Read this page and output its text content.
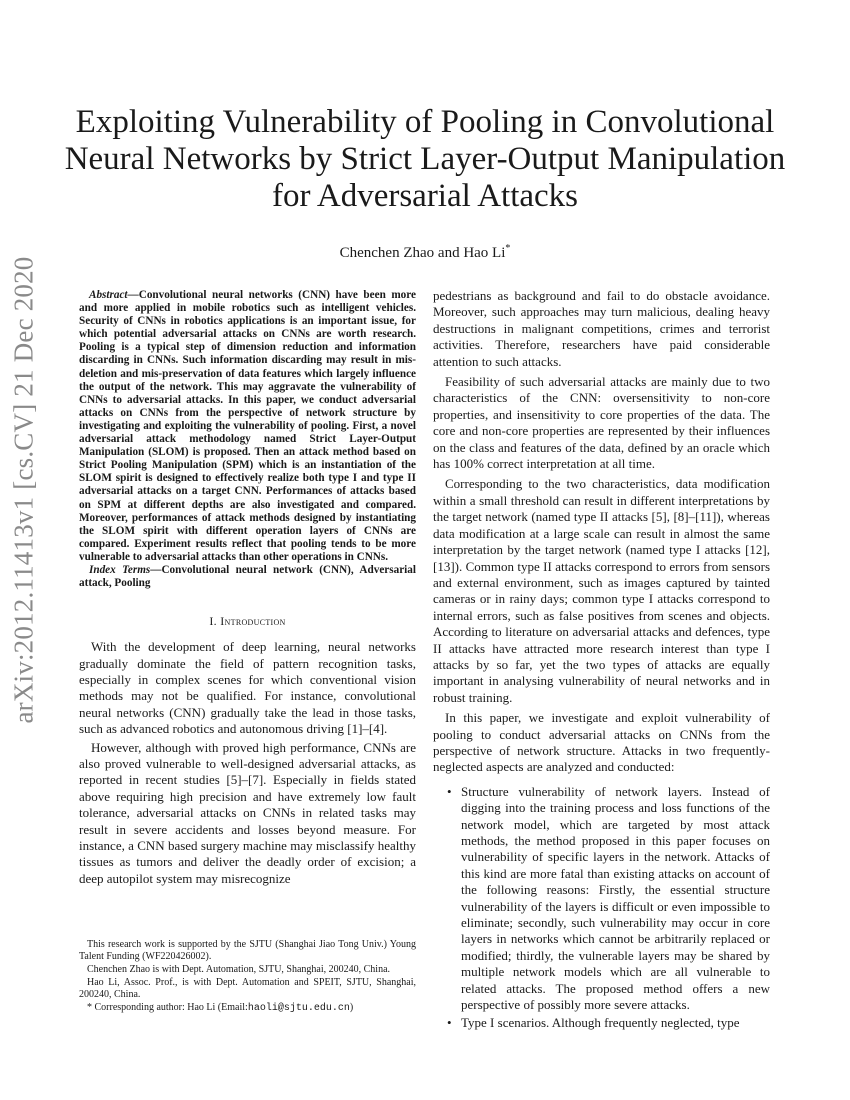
arXiv:2012.11413v1 [cs.CV] 21 Dec 2020
Exploiting Vulnerability of Pooling in Convolutional Neural Networks by Strict Layer-Output Manipulation for Adversarial Attacks
Chenchen Zhao and Hao Li*

Abstract—Convolutional neural networks (CNN) have been more and more applied in mobile robotics such as intelligent vehicles. Security of CNNs in robotics applications is an important issue, for which potential adversarial attacks on CNNs are worth research. Pooling is a typical step of dimension reduction and information discarding in CNNs. Such information discarding may result in mis-deletion and mis-preservation of data features which largely influence the output of the network. This may aggravate the vulnerability of CNNs to adversarial attacks. In this paper, we conduct adversarial attacks on CNNs from the perspective of network structure by investigating and exploiting the vulnerability of pooling. First, a novel adversarial attack methodology named Strict Layer-Output Manipulation (SLOM) is proposed. Then an attack method based on Strict Pooling Manipulation (SPM) which is an instantiation of the SLOM spirit is designed to effectively realize both type I and type II adversarial attacks on a target CNN. Performances of attacks based on SPM at different depths are also investigated and compared. Moreover, performances of attack methods designed by instantiating the SLOM spirit with different operation layers of CNNs are compared. Experiment results reflect that pooling tends to be more vulnerable to adversarial attacks than other operations in CNNs.

Index Terms—Convolutional neural network (CNN), Adversarial attack, Pooling

I. Introduction

With the development of deep learning, neural networks gradually dominate the field of pattern recognition tasks, especially in complex scenes for which conventional vision methods may not be qualified. For instance, convolutional neural networks (CNN) gradually take the lead in those tasks, such as advanced robotics and autonomous driving [1]–[4].

However, although with proved high performance, CNNs are also proved vulnerable to well-designed adversarial attacks, as reported in recent studies [5]–[7]. Especially in fields stated above requiring high precision and have extremely low fault tolerance, adversarial attacks on CNNs in related tasks may result in severe accidents and losses beyond measure. For instance, a CNN based surgery machine may misclassify healthy tissues as tumors and deliver the deadly order of excision; a deep autopilot system may misrecognize

This research work is supported by the SJTU (Shanghai Jiao Tong Univ.) Young Talent Funding (WF220426002).

Chenchen Zhao is with Dept. Automation, SJTU, Shanghai, 200240, China.

Hao Li, Assoc. Prof., is with Dept. Automation and SPEIT, SJTU, Shanghai, 200240, China.

* Corresponding author: Hao Li (Email:haoli@sjtu.edu.cn)

pedestrians as background and fail to do obstacle avoidance. Moreover, such approaches may turn malicious, dealing heavy destructions in malignant competitions, crimes and terrorist activities. Therefore, researchers have paid considerable attention to such attacks.

Feasibility of such adversarial attacks are mainly due to two characteristics of the CNN: oversensitivity to non-core properties, and insensitivity to core properties of the data. The core and non-core properties are represented by their influences on the class and features of the data, defined by an oracle which has 100% correct interpretation at all time.

Corresponding to the two characteristics, data modification within a small threshold can result in different interpretations by the target network (named type II attacks [5], [8]–[11]), whereas data modification at a large scale can result in almost the same interpretation by the target network (named type I attacks [12], [13]). Common type II attacks correspond to errors from sensors and external environment, such as images captured by tainted cameras or in rainy days; common type I attacks correspond to internal errors, such as false positives from scenes and objects. According to literature on adversarial attacks and defences, type II attacks have attracted more research interest than type I attacks by so far, yet the two types of attacks are equally important in analysing vulnerability of neural networks and in robust training.

In this paper, we investigate and exploit vulnerability of pooling to conduct adversarial attacks on CNNs from the perspective of network structure. Attacks in two frequently-neglected aspects are analyzed and conducted:

• Structure vulnerability of network layers. Instead of digging into the training process and loss functions of the network model, which are targeted by most attack methods, the method proposed in this paper focuses on vulnerability of specific layers in the network. Attacks of this kind are more fatal than existing attacks on account of the following reasons: Firstly, the essential structure vulnerability of the layers is difficult or even impossible to eliminate; secondly, such vulnerability may occur in core layers in networks which cannot be arbitrarily replaced or modified; thirdly, the vulnerable layers may be shared by multiple network models which are all vulnerable to related attacks. The proposed method offers a new perspective of possibly more severe attacks.
• Type I scenarios. Although frequently neglected, type
